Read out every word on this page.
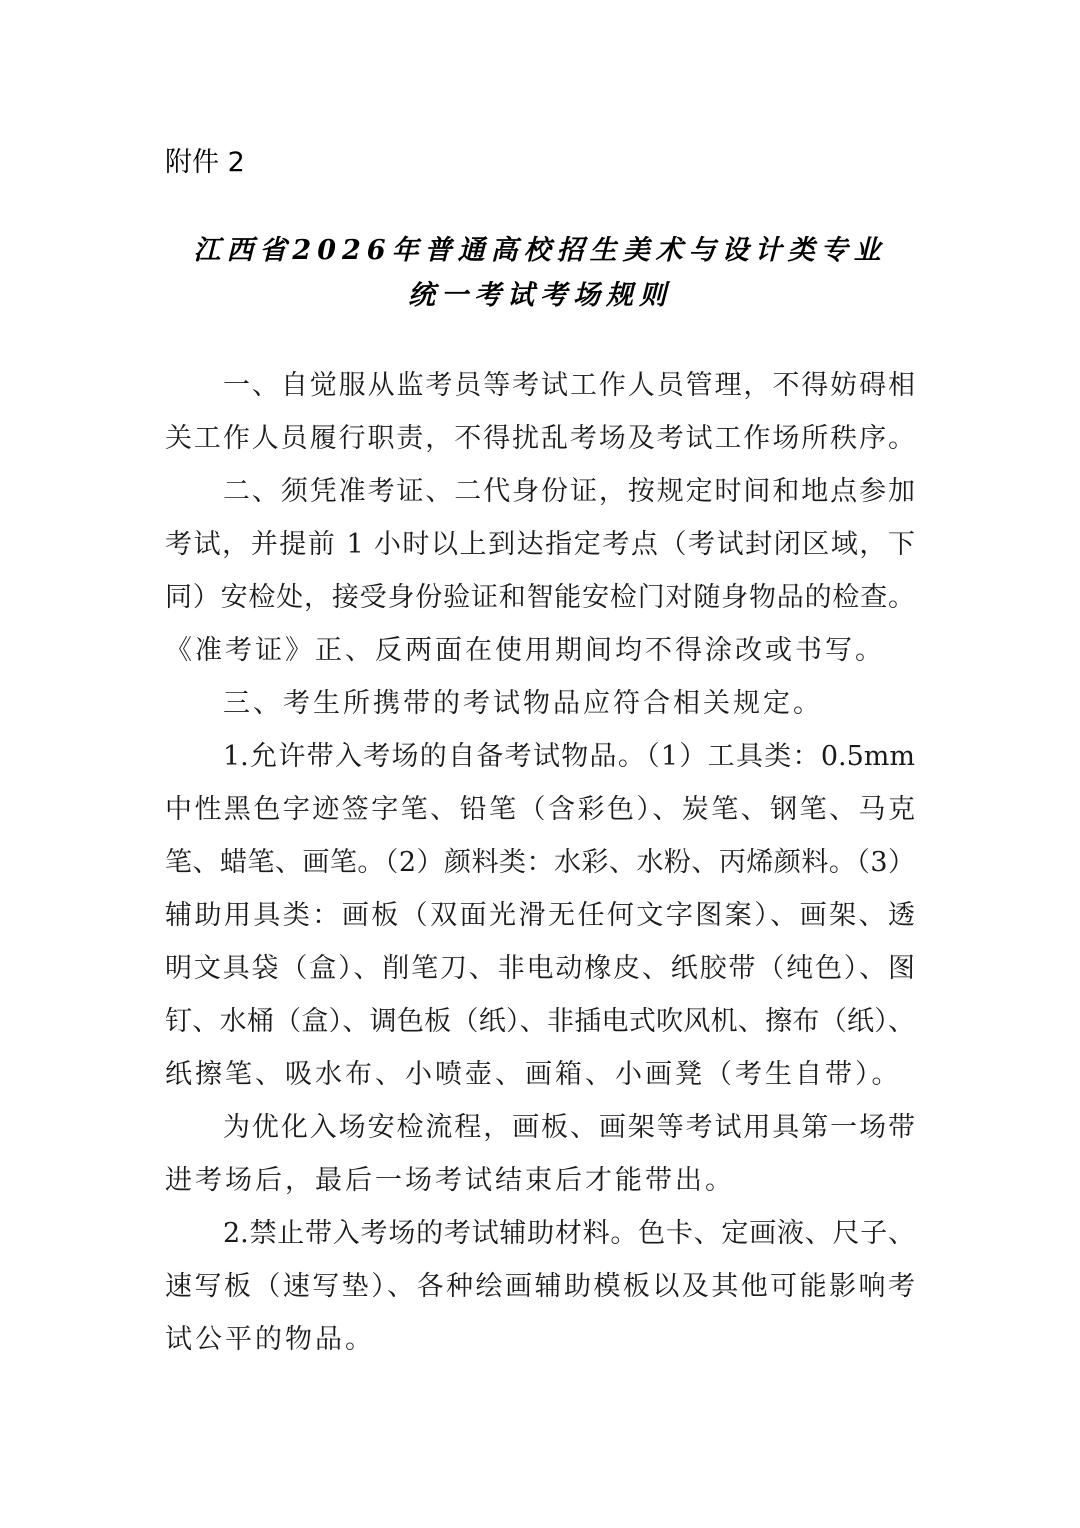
附件 2
江西省2026年普通高校招生美术与设计类专业
统一考试考场规则
一、自觉服从监考员等考试工作人员管理，不得妨碍相
关工作人员履行职责，不得扰乱考场及考试工作场所秩序。
二、须凭准考证、二代身份证，按规定时间和地点参加
考试，并提前 1 小时以上到达指定考点（考试封闭区域，下
同）安检处，接受身份验证和智能安检门对随身物品的检查。
《准考证》正、反两面在使用期间均不得涂改或书写。
三、考生所携带的考试物品应符合相关规定。
1.允许带入考场的自备考试物品。（1）工具类：0.5mm
中性黑色字迹签字笔、铅笔（含彩色）、炭笔、钢笔、马克
笔、蜡笔、画笔。（2）颜料类：水彩、水粉、丙烯颜料。（3）
辅助用具类：画板（双面光滑无任何文字图案）、画架、透
明文具袋（盒）、削笔刀、非电动橡皮、纸胶带（纯色）、图
钉、水桶（盒）、调色板（纸）、非插电式吹风机、擦布（纸）、
纸擦笔、吸水布、小喷壶、画箱、小画凳（考生自带）。
为优化入场安检流程，画板、画架等考试用具第一场带
进考场后，最后一场考试结束后才能带出。
2.禁止带入考场的考试辅助材料。色卡、定画液、尺子、
速写板（速写垫）、各种绘画辅助模板以及其他可能影响考
试公平的物品。
